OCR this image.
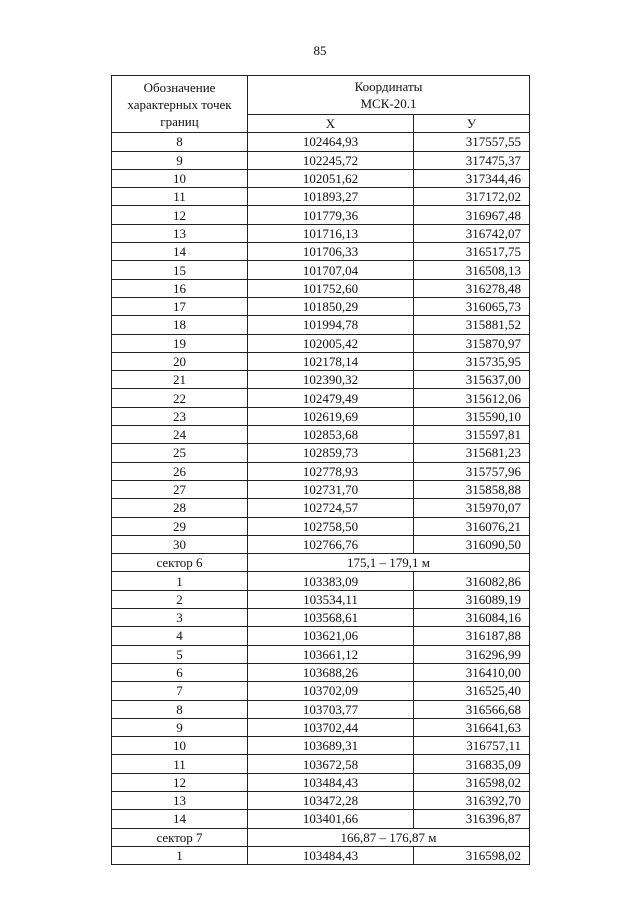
85
Обозначение характерных точек границ	Координаты
МСК-20.1	
	Х	У
8	102464,93	317557,55
9	102245,72	317475,37
10	102051,62	317344,46
11	101893,27	317172,02
12	101779,36	316967,48
13	101716,13	316742,07
14	101706,33	316517,75
15	101707,04	316508,13
16	101752,60	316278,48
17	101850,29	316065,73
18	101994,78	315881,52
19	102005,42	315870,97
20	102178,14	315735,95
21	102390,32	315637,00
22	102479,49	315612,06
23	102619,69	315590,10
24	102853,68	315597,81
25	102859,73	315681,23
26	102778,93	315757,96
27	102731,70	315858,88
28	102724,57	315970,07
29	102758,50	316076,21
30	102766,76	316090,50
сектор 6	175,1 – 179,1 м	
1	103383,09	316082,86
2	103534,11	316089,19
3	103568,61	316084,16
4	103621,06	316187,88
5	103661,12	316296,99
6	103688,26	316410,00
7	103702,09	316525,40
8	103703,77	316566,68
9	103702,44	316641,63
10	103689,31	316757,11
11	103672,58	316835,09
12	103484,43	316598,02
13	103472,28	316392,70
14	103401,66	316396,87
сектор 7	166,87 – 176,87 м	
1	103484,43	316598,02
